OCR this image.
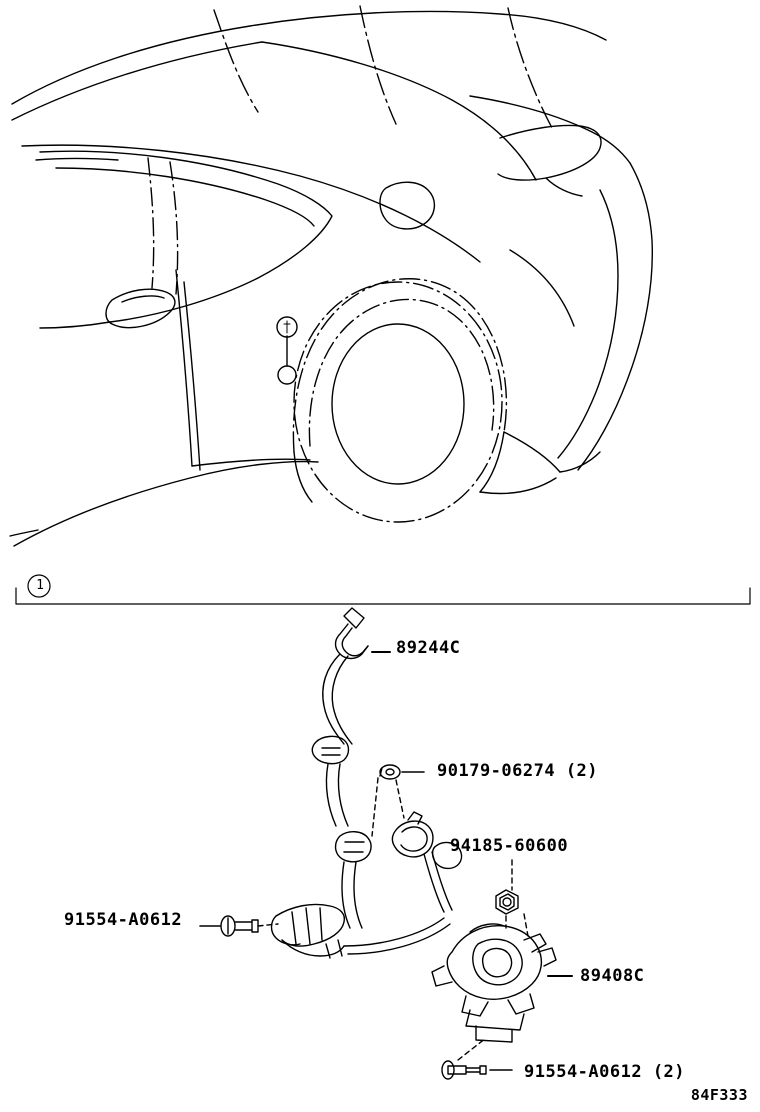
1
89244C
90179-06274 (2)
94185-60600
91554-A0612
89408C
91554-A0612 (2)
84F333
